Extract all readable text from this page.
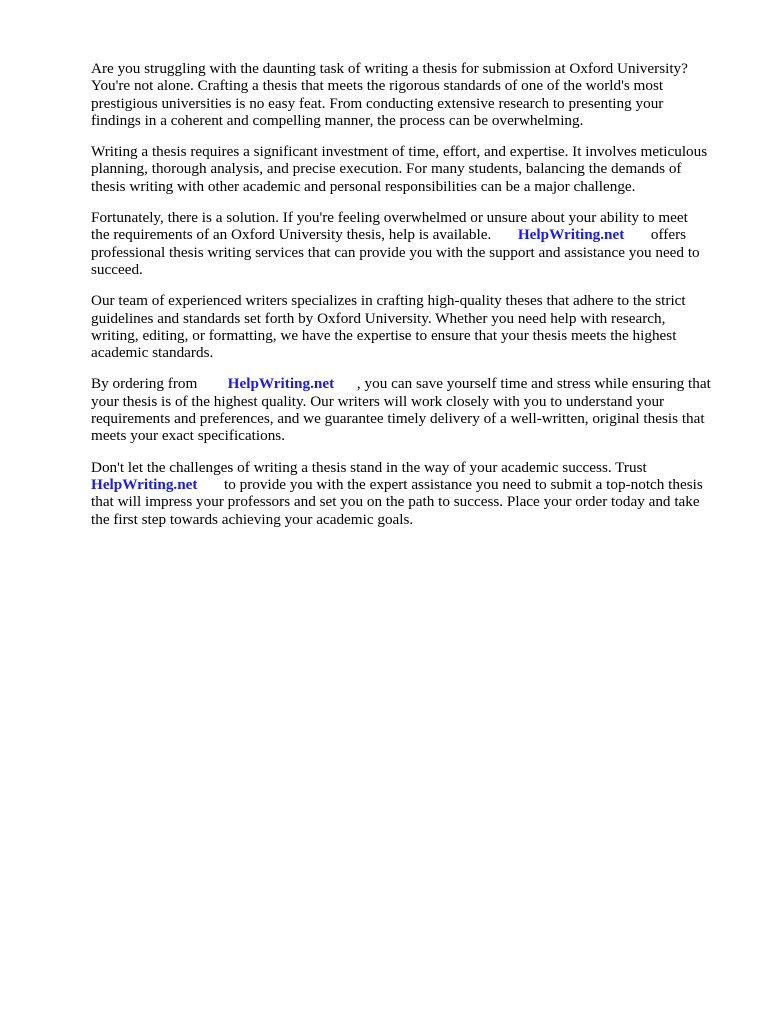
Are you struggling with the daunting task of writing a thesis for submission at Oxford University?
You're not alone. Crafting a thesis that meets the rigorous standards of one of the world's most
prestigious universities is no easy feat. From conducting extensive research to presenting your
findings in a coherent and compelling manner, the process can be overwhelming.
Writing a thesis requires a significant investment of time, effort, and expertise. It involves meticulous
planning, thorough analysis, and precise execution. For many students, balancing the demands of
thesis writing with other academic and personal responsibilities can be a major challenge.
Fortunately, there is a solution. If you're feeling overwhelmed or unsure about your ability to meet
the requirements of an Oxford University thesis, help is available. HelpWriting.net offers
professional thesis writing services that can provide you with the support and assistance you need to
succeed.
Our team of experienced writers specializes in crafting high-quality theses that adhere to the strict
guidelines and standards set forth by Oxford University. Whether you need help with research,
writing, editing, or formatting, we have the expertise to ensure that your thesis meets the highest
academic standards.
By ordering from HelpWriting.net , you can save yourself time and stress while ensuring that
your thesis is of the highest quality. Our writers will work closely with you to understand your
requirements and preferences, and we guarantee timely delivery of a well-written, original thesis that
meets your exact specifications.
Don't let the challenges of writing a thesis stand in the way of your academic success. Trust
HelpWriting.net to provide you with the expert assistance you need to submit a top-notch thesis
that will impress your professors and set you on the path to success. Place your order today and take
the first step towards achieving your academic goals.
